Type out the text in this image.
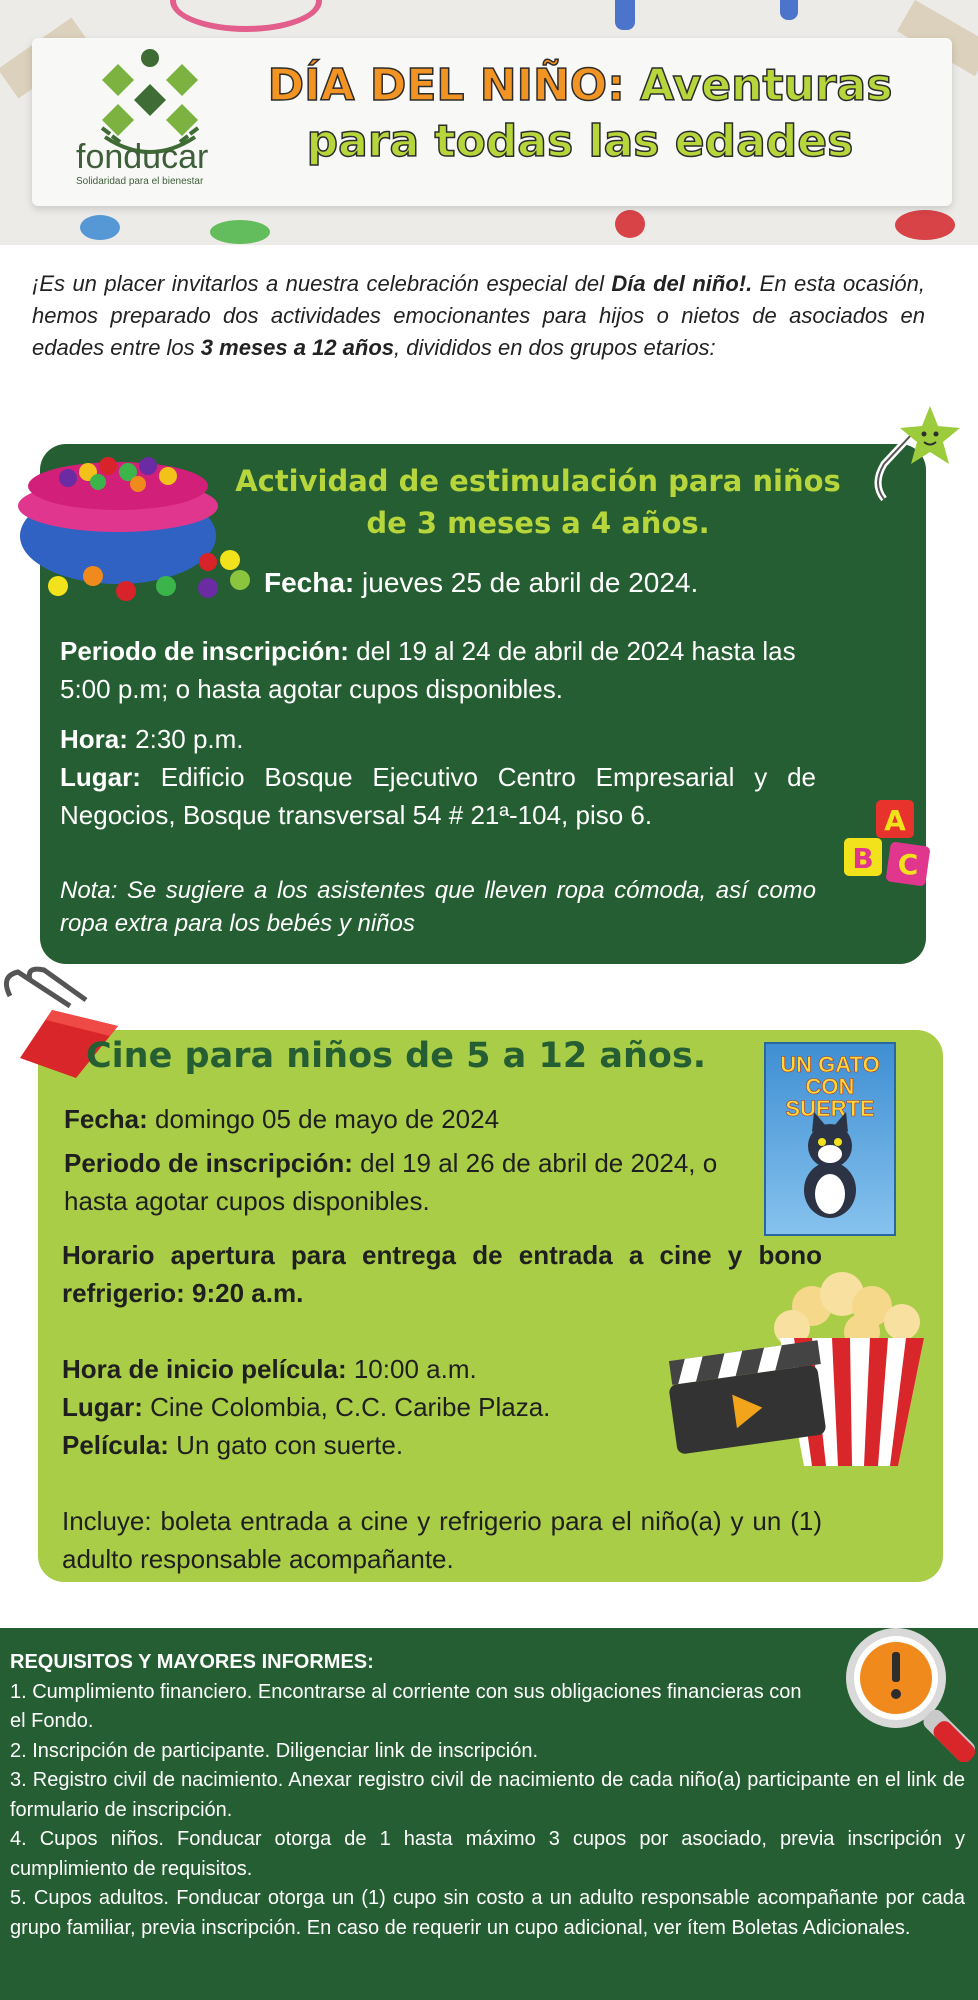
fonducar
Solidaridad para el bienestar
DÍA DEL NIÑO: Aventuras
para todas las edades
¡Es un placer invitarlos a nuestra celebración especial del Día del niño!. En esta ocasión, hemos preparado dos actividades emocionantes para hijos o nietos de asociados en edades entre los 3 meses a 12 años, divididos en dos grupos etarios:
Actividad de estimulación para niños de 3 meses a 4 años.
Fecha: jueves 25 de abril de 2024.
Periodo de inscripción: del 19 al 24 de abril de 2024 hasta las 5:00 p.m; o hasta agotar cupos disponibles.
Hora: 2:30 p.m.
Lugar: Edificio Bosque Ejecutivo Centro Empresarial y de Negocios, Bosque transversal 54 # 21ª-104, piso 6.
Nota: Se sugiere a los asistentes que lleven ropa cómoda, así como ropa extra para los bebés y niños
A
B C
Cine para niños de 5 a 12 años.	UN GATO CON
SUERTE
Fecha: domingo 05 de mayo de 2024
Periodo de inscripción: del 19 al 26 de abril de 2024, o hasta agotar cupos disponibles.
Horario apertura para entrega de entrada a cine y bono refrigerio: 9:20 a.m.
Hora de inicio película: 10:00 a.m.
Lugar: Cine Colombia, C.C. Caribe Plaza.
Película: Un gato con suerte.
Incluye: boleta entrada a cine y refrigerio para el niño(a) y un (1) adulto responsable acompañante.
REQUISITOS Y MAYORES INFORMES:

1. Cumplimiento financiero. Encontrarse al corriente con sus obligaciones financieras con el Fondo.

2. Inscripción de participante. Diligenciar link de inscripción.

3. Registro civil de nacimiento. Anexar registro civil de nacimiento de cada niño(a) participante en el link de formulario de inscripción.

4. Cupos niños. Fonducar otorga de 1 hasta máximo 3 cupos por asociado, previa inscripción y cumplimiento de requisitos.

5. Cupos adultos. Fonducar otorga un (1) cupo sin costo a un adulto responsable acompañante por cada grupo familiar, previa inscripción. En caso de requerir un cupo adicional, ver ítem Boletas Adicionales.
